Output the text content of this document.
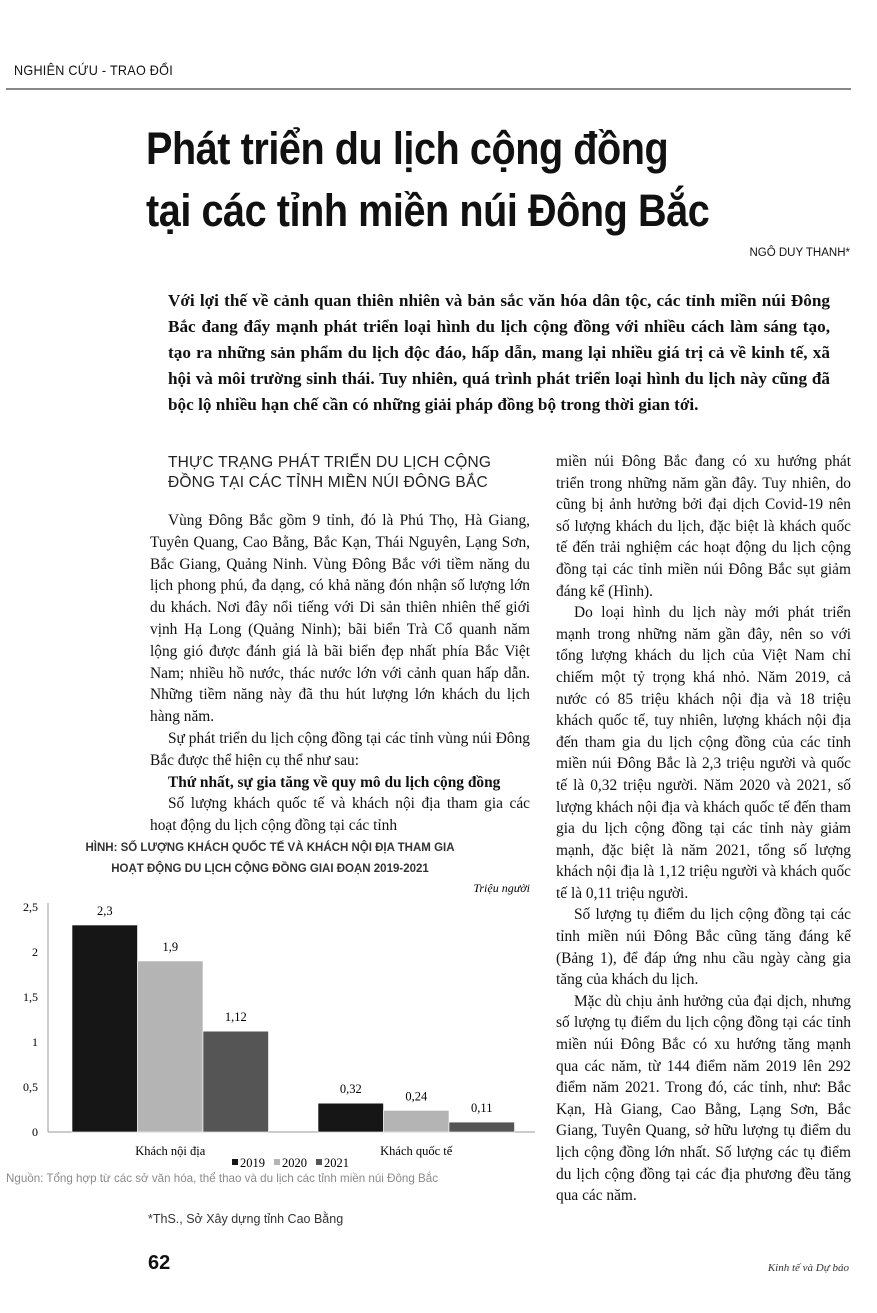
NGHIÊN CỨU - TRAO ĐỔI
Phát triển du lịch cộng đồng
tại các tỉnh miền núi Đông Bắc
NGÔ DUY THANH*
Với lợi thế về cảnh quan thiên nhiên và bản sắc văn hóa dân tộc, các tỉnh miền núi Đông Bắc đang đẩy mạnh phát triển loại hình du lịch cộng đồng với nhiều cách làm sáng tạo, tạo ra những sản phẩm du lịch độc đáo, hấp dẫn, mang lại nhiều giá trị cả về kinh tế, xã hội và môi trường sinh thái. Tuy nhiên, quá trình phát triển loại hình du lịch này cũng đã bộc lộ nhiều hạn chế cần có những giải pháp đồng bộ trong thời gian tới.
THỰC TRẠNG PHÁT TRIỂN DU LỊCH CỘNG ĐỒNG TẠI CÁC TỈNH MIỀN NÚI ĐÔNG BẮC

Vùng Đông Bắc gồm 9 tỉnh, đó là Phú Thọ, Hà Giang, Tuyên Quang, Cao Bằng, Bắc Kạn, Thái Nguyên, Lạng Sơn, Bắc Giang, Quảng Ninh. Vùng Đông Bắc với tiềm năng du lịch phong phú, đa dạng, có khả năng đón nhận số lượng lớn du khách. Nơi đây nổi tiếng với Di sản thiên nhiên thế giới vịnh Hạ Long (Quảng Ninh); bãi biển Trà Cổ quanh năm lộng gió được đánh giá là bãi biển đẹp nhất phía Bắc Việt Nam; nhiều hồ nước, thác nước lớn với cảnh quan hấp dẫn. Những tiềm năng này đã thu hút lượng lớn khách du lịch hàng năm.

Sự phát triển du lịch cộng đồng tại các tỉnh vùng núi Đông Bắc được thể hiện cụ thể như sau:

Thứ nhất, sự gia tăng về quy mô du lịch cộng đồng

Số lượng khách quốc tế và khách nội địa tham gia các hoạt động du lịch cộng đồng tại các tỉnh

miền núi Đông Bắc đang có xu hướng phát triển trong những năm gần đây. Tuy nhiên, do cũng bị ảnh hưởng bởi đại dịch Covid-19 nên số lượng khách du lịch, đặc biệt là khách quốc tế đến trải nghiệm các hoạt động du lịch cộng đồng tại các tỉnh miền núi Đông Bắc sụt giảm đáng kể (Hình).

Do loại hình du lịch này mới phát triển mạnh trong những năm gần đây, nên so với tổng lượng khách du lịch của Việt Nam chỉ chiếm một tỷ trọng khá nhỏ. Năm 2019, cả nước có 85 triệu khách nội địa và 18 triệu khách quốc tế, tuy nhiên, lượng khách nội địa đến tham gia du lịch cộng đồng của các tỉnh miền núi Đông Bắc là 2,3 triệu người và quốc tế là 0,32 triệu người. Năm 2020 và 2021, số lượng khách nội địa và khách quốc tế đến tham gia du lịch cộng đồng tại các tỉnh này giảm mạnh, đặc biệt là năm 2021, tổng số lượng khách nội địa là 1,12 triệu người và khách quốc tế là 0,11 triệu người.

Số lượng tụ điểm du lịch cộng đồng tại các tỉnh miền núi Đông Bắc cũng tăng đáng kể (Bảng 1), để đáp ứng nhu cầu ngày càng gia tăng của khách du lịch.

Mặc dù chịu ảnh hưởng của đại dịch, nhưng số lượng tụ điểm du lịch cộng đồng tại các tỉnh miền núi Đông Bắc có xu hướng tăng mạnh qua các năm, từ 144 điểm năm 2019 lên 292 điểm năm 2021. Trong đó, các tỉnh, như: Bắc Kạn, Hà Giang, Cao Bằng, Lạng Sơn, Bắc Giang, Tuyên Quang, sở hữu lượng tụ điểm du lịch cộng đồng lớn nhất. Số lượng các tụ điểm du lịch cộng đồng tại các địa phương đều tăng qua các năm.

HÌNH: SỐ LƯỢNG KHÁCH QUỐC TẾ VÀ KHÁCH NỘI ĐỊA THAM GIA
HOẠT ĐỘNG DU LỊCH CỘNG ĐỒNG GIAI ĐOẠN 2019-2021
Triệu người
0
0,5
1
1,5
2
2,5	2,3
1,9
1,12
0,32
0,24
0,11
Khách nội địa	Khách quốc tế
2019 2020 2021
Nguồn: Tổng hợp từ các sở văn hóa, thể thao và du lịch các tỉnh miền núi Đông Bắc
*ThS., Sở Xây dựng tỉnh Cao Bằng
62	Kinh tế và Dự báo
